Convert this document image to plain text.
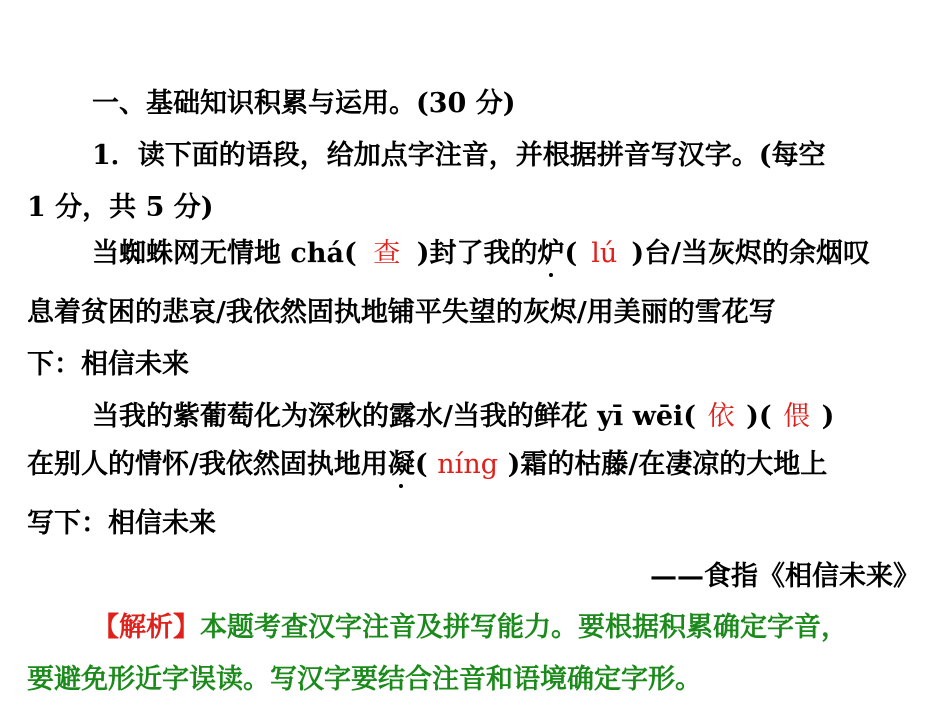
一、基础知识积累与运用。(30 分)
1．读下面的语段，给加点字注音，并根据拼音写汉字。(每空
1 分，共 5 分)
当蜘蛛网无情地 chá( 查 )封了我的炉( lú )台/当灰烬的余烟叹
息着贫困的悲哀/我依然固执地铺平失望的灰烬/用美丽的雪花写
下：相信未来
当我的紫葡萄化为深秋的露水/当我的鲜花 yī wēi( 依 )( 偎 )
在别人的情怀/我依然固执地用凝( níng )霜的枯藤/在凄凉的大地上
写下：相信未来
——食指《相信未来》
【解析】本题考查汉字注音及拼写能力。要根据积累确定字音，
要避免形近字误读。写汉字要结合注音和语境确定字形。
